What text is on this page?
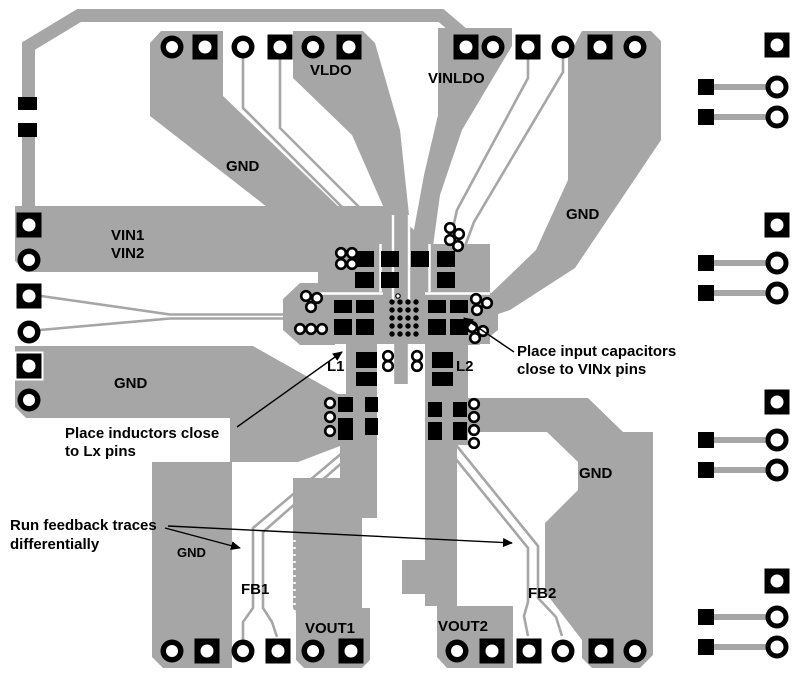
VLDO	VINLDO
GND
GND
VIN1
VIN2
GND
L1	L2
GND
GND
FB1	FB2
VOUT1	VOUT2
Place inductors close
to Lx pins
Place input capacitors
close to VINx pins
Run feedback traces
differentially
